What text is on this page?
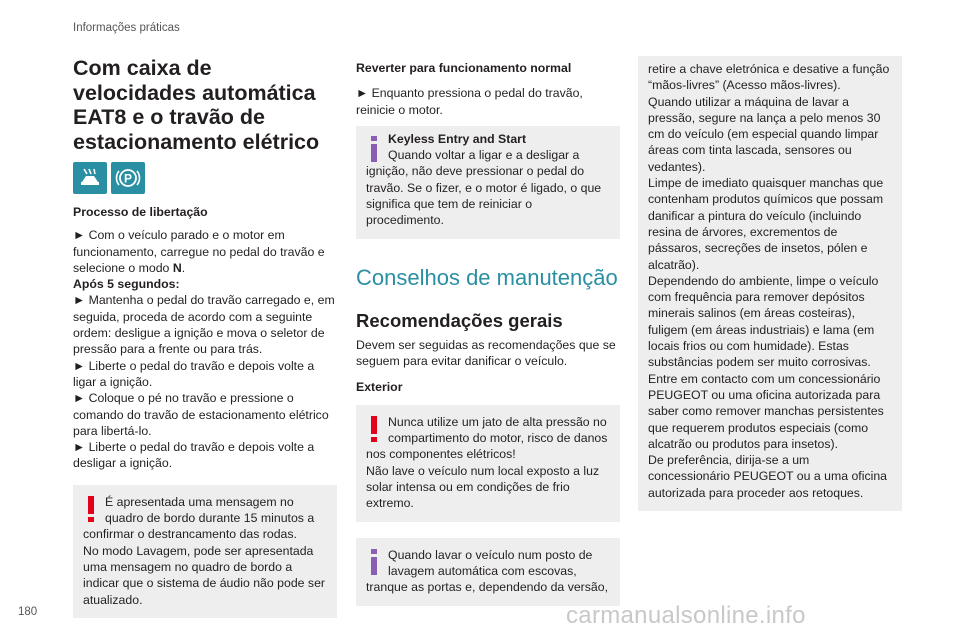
Informações práticas
Com caixa de velocidades automática EAT8 e o travão de estacionamento elétrico
P
Processo de libertação

► Com o veículo parado e o motor em funcionamento, carregue no pedal do travão e selecione o modo N.

Após 5 segundos:

► Mantenha o pedal do travão carregado e, em seguida, proceda de acordo com a seguinte ordem: desligue a ignição e mova o seletor de pressão para a frente ou para trás.

► Liberte o pedal do travão e depois volte a ligar a ignição.

► Coloque o pé no travão e pressione o comando do travão de estacionamento elétrico para libertá-lo.

► Liberte o pedal do travão e depois volte a desligar a ignição.

É apresentada uma mensagem no quadro de bordo durante 15 minutos a confirmar o destrancamento das rodas.

No modo Lavagem, pode ser apresentada uma mensagem no quadro de bordo a indicar que o sistema de áudio não pode ser atualizado.

Reverter para funcionamento normal

► Enquanto pressiona o pedal do travão, reinicie o motor.

Keyless Entry and Start

Quando voltar a ligar e a desligar a ignição, não deve pressionar o pedal do travão. Se o fizer, e o motor é ligado, o que significa que tem de reiniciar o procedimento.

Conselhos de manutenção
Recomendações gerais

Devem ser seguidas as recomendações que se seguem para evitar danificar o veículo.

Exterior

Nunca utilize um jato de alta pressão no compartimento do motor, risco de danos nos componentes elétricos!

Não lave o veículo num local exposto a luz solar intensa ou em condições de frio extremo.

Quando lavar o veículo num posto de lavagem automática com escovas, tranque as portas e, dependendo da versão,

retire a chave eletrónica e desative a função “mãos-livres” (Acesso mãos-livres).

Quando utilizar a máquina de lavar a pressão, segure na lança a pelo menos 30 cm do veículo (em especial quando limpar áreas com tinta lascada, sensores ou vedantes).

Limpe de imediato quaisquer manchas que contenham produtos químicos que possam danificar a pintura do veículo (incluindo resina de árvores, excrementos de pássaros, secreções de insetos, pólen e alcatrão).

Dependendo do ambiente, limpe o veículo com frequência para remover depósitos minerais salinos (em áreas costeiras), fuligem (em áreas industriais) e lama (em locais frios ou com humidade). Estas substâncias podem ser muito corrosivas.

Entre em contacto com um concessionário PEUGEOT ou uma oficina autorizada para saber como remover manchas persistentes que requerem produtos especiais (como alcatrão ou produtos para insetos).

De preferência, dirija-se a um concessionário PEUGEOT ou a uma oficina autorizada para proceder aos retoques.

180	carmanualsonline.info
